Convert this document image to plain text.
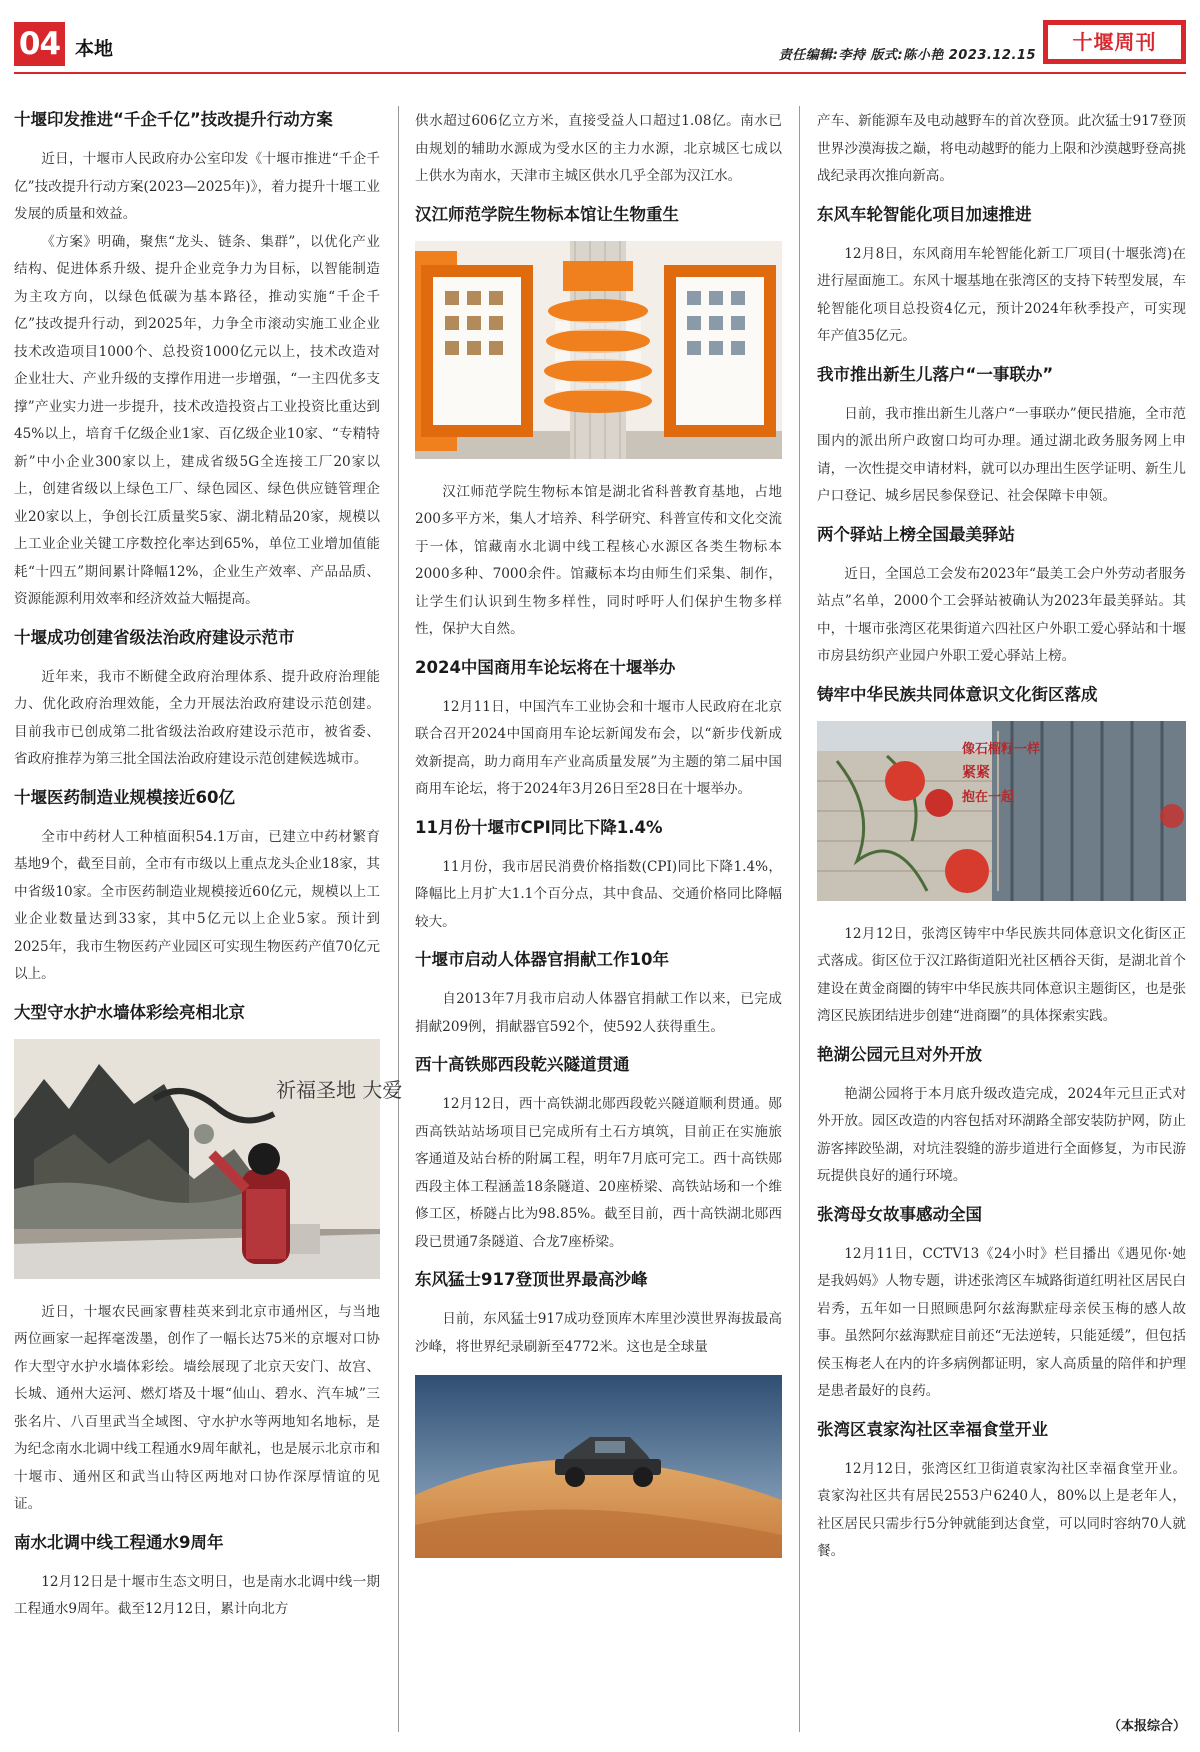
04 本地	责任编辑:李持 版式:陈小艳 2023.12.15
十堰周刊
十堰印发推进“千企千亿”技改提升行动方案

近日，十堰市人民政府办公室印发《十堰市推进“千企千亿”技改提升行动方案(2023—2025年)》，着力提升十堰工业发展的质量和效益。

《方案》明确，聚焦“龙头、链条、集群”，以优化产业结构、促进体系升级、提升企业竞争力为目标，以智能制造为主攻方向，以绿色低碳为基本路径，推动实施“千企千亿”技改提升行动，到2025年，力争全市滚动实施工业企业技术改造项目1000个、总投资1000亿元以上，技术改造对企业壮大、产业升级的支撑作用进一步增强，“一主四优多支撑”产业实力进一步提升，技术改造投资占工业投资比重达到45%以上，培育千亿级企业1家、百亿级企业10家、“专精特新”中小企业300家以上，建成省级5G全连接工厂20家以上，创建省级以上绿色工厂、绿色园区、绿色供应链管理企业20家以上，争创长江质量奖5家、湖北精品20家，规模以上工业企业关键工序数控化率达到65%，单位工业增加值能耗“十四五”期间累计降幅12%，企业生产效率、产品品质、资源能源利用效率和经济效益大幅提高。

十堰成功创建省级法治政府建设示范市

近年来，我市不断健全政府治理体系、提升政府治理能力、优化政府治理效能，全力开展法治政府建设示范创建。目前我市已创成第二批省级法治政府建设示范市，被省委、省政府推荐为第三批全国法治政府建设示范创建候选城市。

十堰医药制造业规模接近60亿

全市中药材人工种植面积54.1万亩，已建立中药材繁育基地9个，截至目前，全市有市级以上重点龙头企业18家，其中省级10家。全市医药制造业规模接近60亿元，规模以上工业企业数量达到33家，其中5亿元以上企业5家。预计到2025年，我市生物医药产业园区可实现生物医药产值70亿元以上。

大型守水护水墙体彩绘亮相北京
祈福圣地 大爱

近日，十堰农民画家曹桂英来到北京市通州区，与当地两位画家一起挥毫泼墨，创作了一幅长达75米的京堰对口协作大型守水护水墙体彩绘。墙绘展现了北京天安门、故宫、长城、通州大运河、燃灯塔及十堰“仙山、碧水、汽车城”三张名片、八百里武当全域图、守水护水等两地知名地标，是为纪念南水北调中线工程通水9周年献礼，也是展示北京市和十堰市、通州区和武当山特区两地对口协作深厚情谊的见证。

南水北调中线工程通水9周年

12月12日是十堰市生态文明日，也是南水北调中线一期工程通水9周年。截至12月12日，累计向北方

供水超过606亿立方米，直接受益人口超过1.08亿。南水已由规划的辅助水源成为受水区的主力水源，北京城区七成以上供水为南水，天津市主城区供水几乎全部为汉江水。

汉江师范学院生物标本馆让生物重生

汉江师范学院生物标本馆是湖北省科普教育基地，占地200多平方米，集人才培养、科学研究、科普宣传和文化交流于一体，馆藏南水北调中线工程核心水源区各类生物标本2000多种、7000余件。馆藏标本均由师生们采集、制作，让学生们认识到生物多样性，同时呼吁人们保护生物多样性，保护大自然。

2024中国商用车论坛将在十堰举办

12月11日，中国汽车工业协会和十堰市人民政府在北京联合召开2024中国商用车论坛新闻发布会，以“新步伐新成效新提高，助力商用车产业高质量发展”为主题的第二届中国商用车论坛，将于2024年3月26日至28日在十堰举办。

11月份十堰市CPI同比下降1.4%

11月份，我市居民消费价格指数(CPI)同比下降1.4%，降幅比上月扩大1.1个百分点，其中食品、交通价格同比降幅较大。

十堰市启动人体器官捐献工作10年

自2013年7月我市启动人体器官捐献工作以来，已完成捐献209例，捐献器官592个，使592人获得重生。

西十高铁郧西段乾兴隧道贯通

12月12日，西十高铁湖北郧西段乾兴隧道顺利贯通。郧西高铁站站场项目已完成所有土石方填筑，目前正在实施旅客通道及站台桥的附属工程，明年7月底可完工。西十高铁郧西段主体工程涵盖18条隧道、20座桥梁、高铁站场和一个维修工区，桥隧占比为98.85%。截至目前，西十高铁湖北郧西段已贯通7条隧道、合龙7座桥梁。

东风猛士917登顶世界最高沙峰

日前，东风猛士917成功登顶库木库里沙漠世界海拔最高沙峰，将世界纪录刷新至4772米。这也是全球量

产车、新能源车及电动越野车的首次登顶。此次猛士917登顶世界沙漠海拔之巅，将电动越野的能力上限和沙漠越野登高挑战纪录再次推向新高。

东风车轮智能化项目加速推进

12月8日，东风商用车轮智能化新工厂项目(十堰张湾)在进行屋面施工。东风十堰基地在张湾区的支持下转型发展，车轮智能化项目总投资4亿元，预计2024年秋季投产，可实现年产值35亿元。

我市推出新生儿落户“一事联办”

日前，我市推出新生儿落户“一事联办”便民措施，全市范围内的派出所户政窗口均可办理。通过湖北政务服务网上申请，一次性提交申请材料，就可以办理出生医学证明、新生儿户口登记、城乡居民参保登记、社会保障卡申领。

两个驿站上榜全国最美驿站

近日，全国总工会发布2023年“最美工会户外劳动者服务站点”名单，2000个工会驿站被确认为2023年最美驿站。其中，十堰市张湾区花果街道六四社区户外职工爱心驿站和十堰市房县纺织产业园户外职工爱心驿站上榜。

铸牢中华民族共同体意识文化街区落成
像石榴籽一样
紧紧
抱在一起

12月12日，张湾区铸牢中华民族共同体意识文化街区正式落成。街区位于汉江路街道阳光社区栖谷天街，是湖北首个建设在黄金商圈的铸牢中华民族共同体意识主题街区，也是张湾区民族团结进步创建“进商圈”的具体探索实践。

艳湖公园元旦对外开放

艳湖公园将于本月底升级改造完成，2024年元旦正式对外开放。园区改造的内容包括对环湖路全部安装防护网，防止游客摔跤坠湖，对坑洼裂缝的游步道进行全面修复，为市民游玩提供良好的通行环境。

张湾母女故事感动全国

12月11日，CCTV13《24小时》栏目播出《遇见你·她是我妈妈》人物专题，讲述张湾区车城路街道红明社区居民白岩秀，五年如一日照顾患阿尔兹海默症母亲侯玉梅的感人故事。虽然阿尔兹海默症目前还“无法逆转，只能延缓”，但包括侯玉梅老人在内的许多病例都证明，家人高质量的陪伴和护理是患者最好的良药。

张湾区袁家沟社区幸福食堂开业

12月12日，张湾区红卫街道袁家沟社区幸福食堂开业。袁家沟社区共有居民2553户6240人，80%以上是老年人，社区居民只需步行5分钟就能到达食堂，可以同时容纳70人就餐。

（本报综合）
